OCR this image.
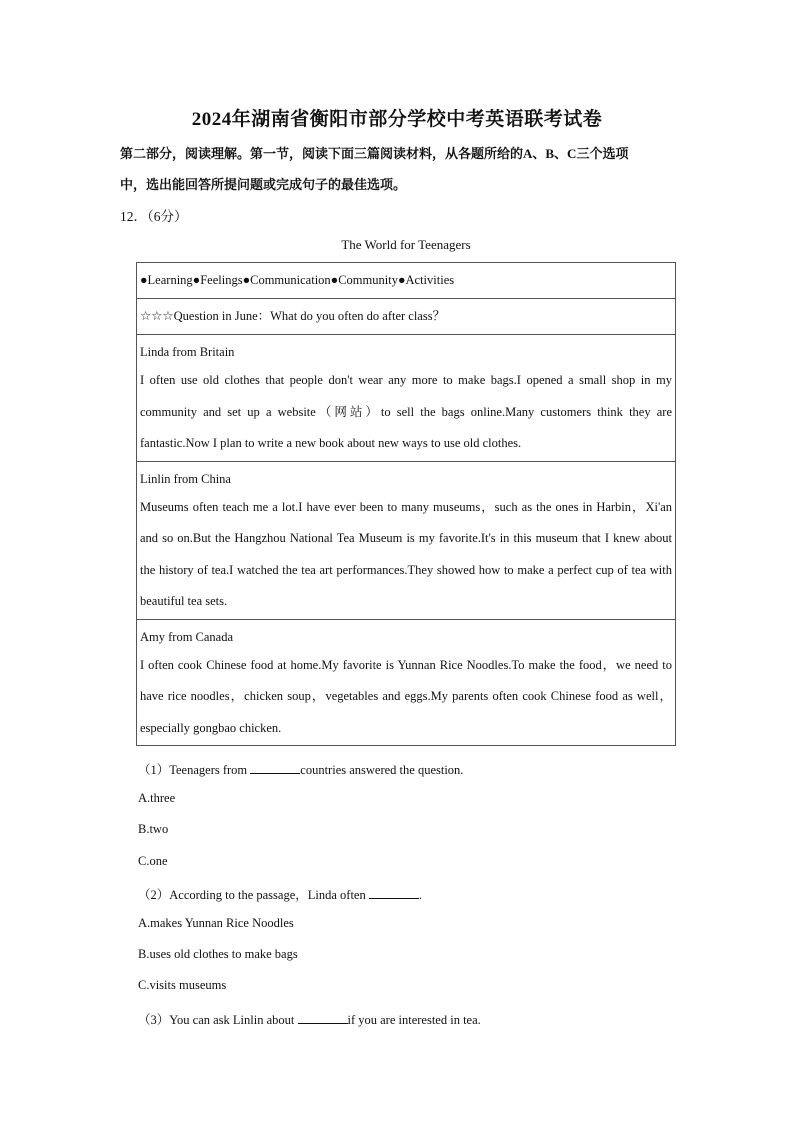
2024年湖南省衡阳市部分学校中考英语联考试卷
第二部分，阅读理解。第一节，阅读下面三篇阅读材料，从各题所给的A、B、C三个选项
中，选出能回答所提问题或完成句子的最佳选项。
12．（6分）
The World for Teenagers
●Learning●Feelings●Communication●Community●Activities
☆☆☆Question in June：What do you often do after class？

Linda from Britain
I often use old clothes that people don't wear any more to make bags.I opened a small shop in my community and set up a website（网站）to sell the bags online.Many customers think they are fantastic.Now I plan to write a new book about new ways to use old clothes.

Linlin from China
Museums often teach me a lot.I have ever been to many museums，such as the ones in Harbin，Xi'an and so on.But the Hangzhou National Tea Museum is my favorite.It's in this museum that I knew about the history of tea.I watched the tea art performances.They showed how to make a perfect cup of tea with beautiful tea sets.

Amy from Canada
I often cook Chinese food at home.My favorite is Yunnan Rice Noodles.To make the food，we need to have rice noodles，chicken soup，vegetables and eggs.My parents often cook Chinese food as well，especially gongbao chicken.
（1）Teenagers from	countries answered the question.
A.three
B.two
C.one
（2）According to the passage，Linda often	.
A.makes Yunnan Rice Noodles
B.uses old clothes to make bags
C.visits museums
（3）You can ask Linlin about	if you are interested in tea.
